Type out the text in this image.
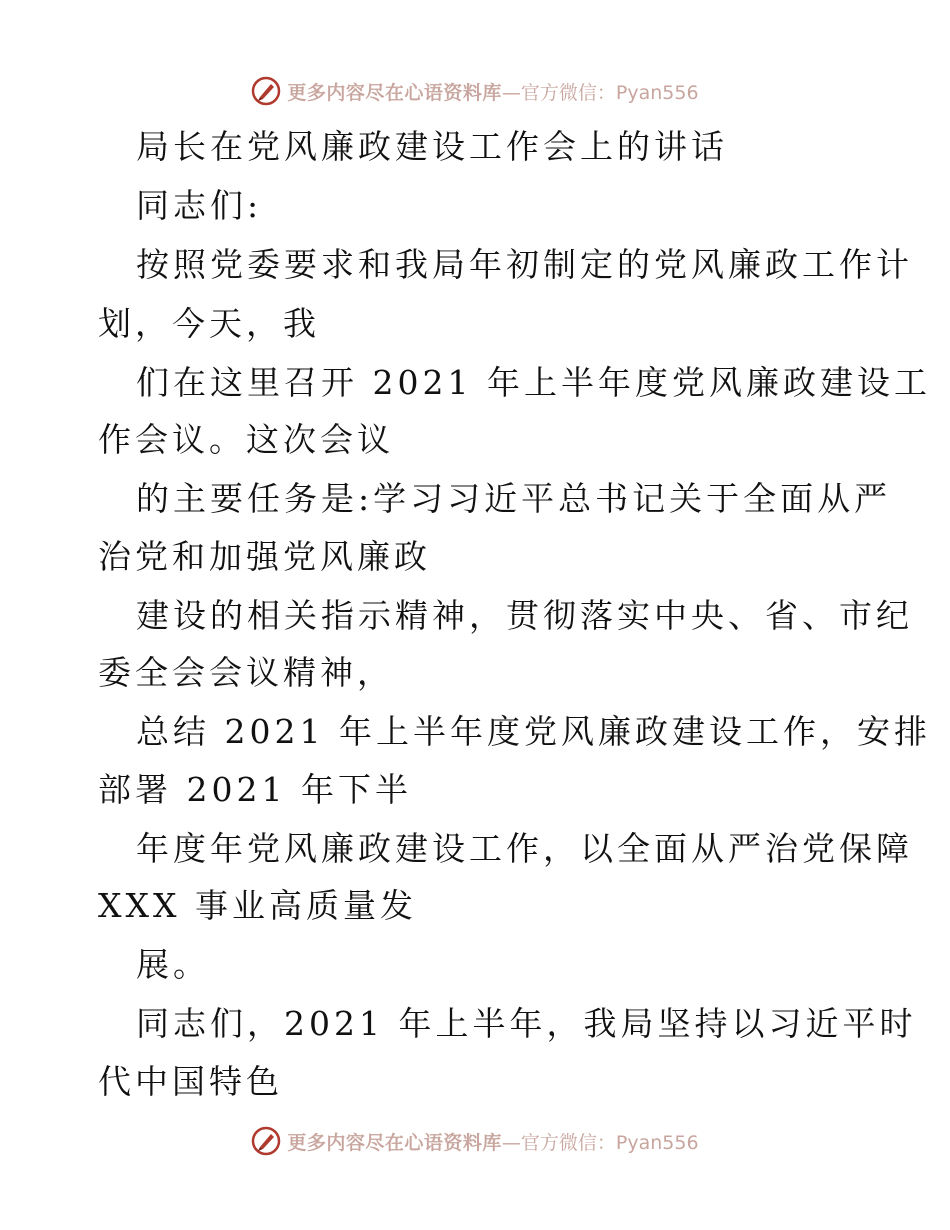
更多内容尽在心语资料库 —官方微信：Pyan556
局长在党风廉政建设工作会上的讲话
同志们:
按照党委要求和我局年初制定的党风廉政工作计
划，今天，我
们在这里召开 2021 年上半年度党风廉政建设工
作会议。这次会议
的主要任务是:学习习近平总书记关于全面从严
治党和加强党风廉政
建设的相关指示精神，贯彻落实中央、省、市纪
委全会会议精神，
总结 2021 年上半年度党风廉政建设工作，安排
部署 2021 年下半
年度年党风廉政建设工作，以全面从严治党保障
XXX 事业高质量发
展。
同志们，2021 年上半年，我局坚持以习近平时
代中国特色
更多内容尽在心语资料库 —官方微信：Pyan556
